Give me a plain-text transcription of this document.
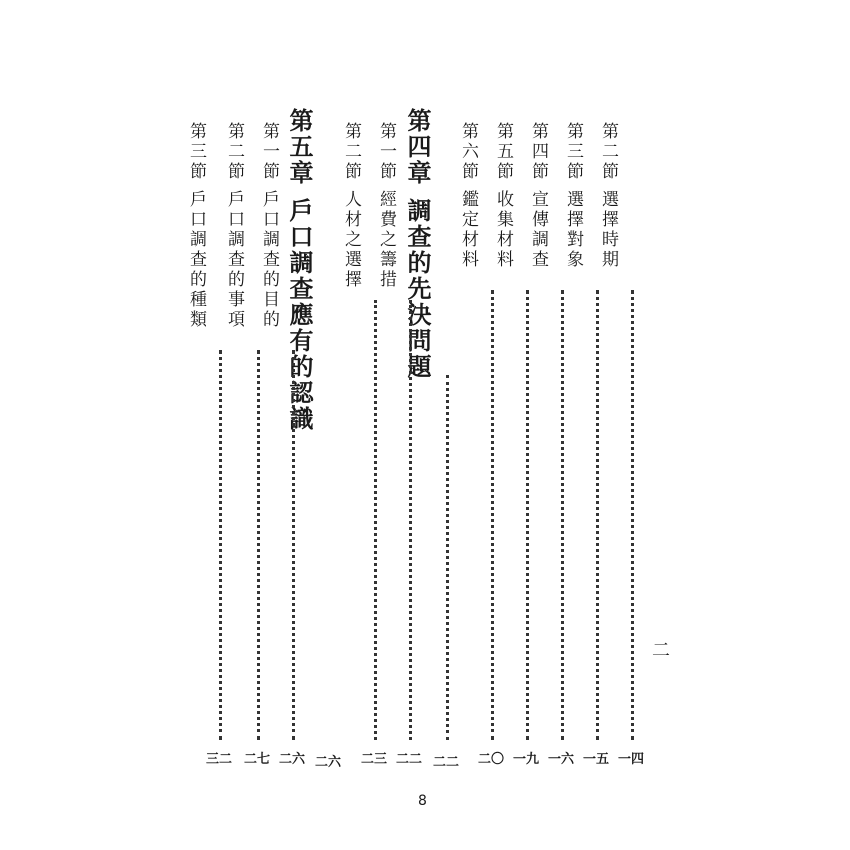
第二節
選擇時期
一四
第三節
選擇對象
一五
第四節
宣傳調查
一六
第五節
收集材料
一九
第六節
鑑定材料
二〇
第四章
調查的先決問題
二二
第一節
經費之籌措
二二
第二節
人材之選擇
二三
第五章
戶口調查應有的認識
二六
第一節
戶口調查的目的
二六
第二節
戶口調查的事項
二七
第三節
戶口調查的種類
三二
二
8
